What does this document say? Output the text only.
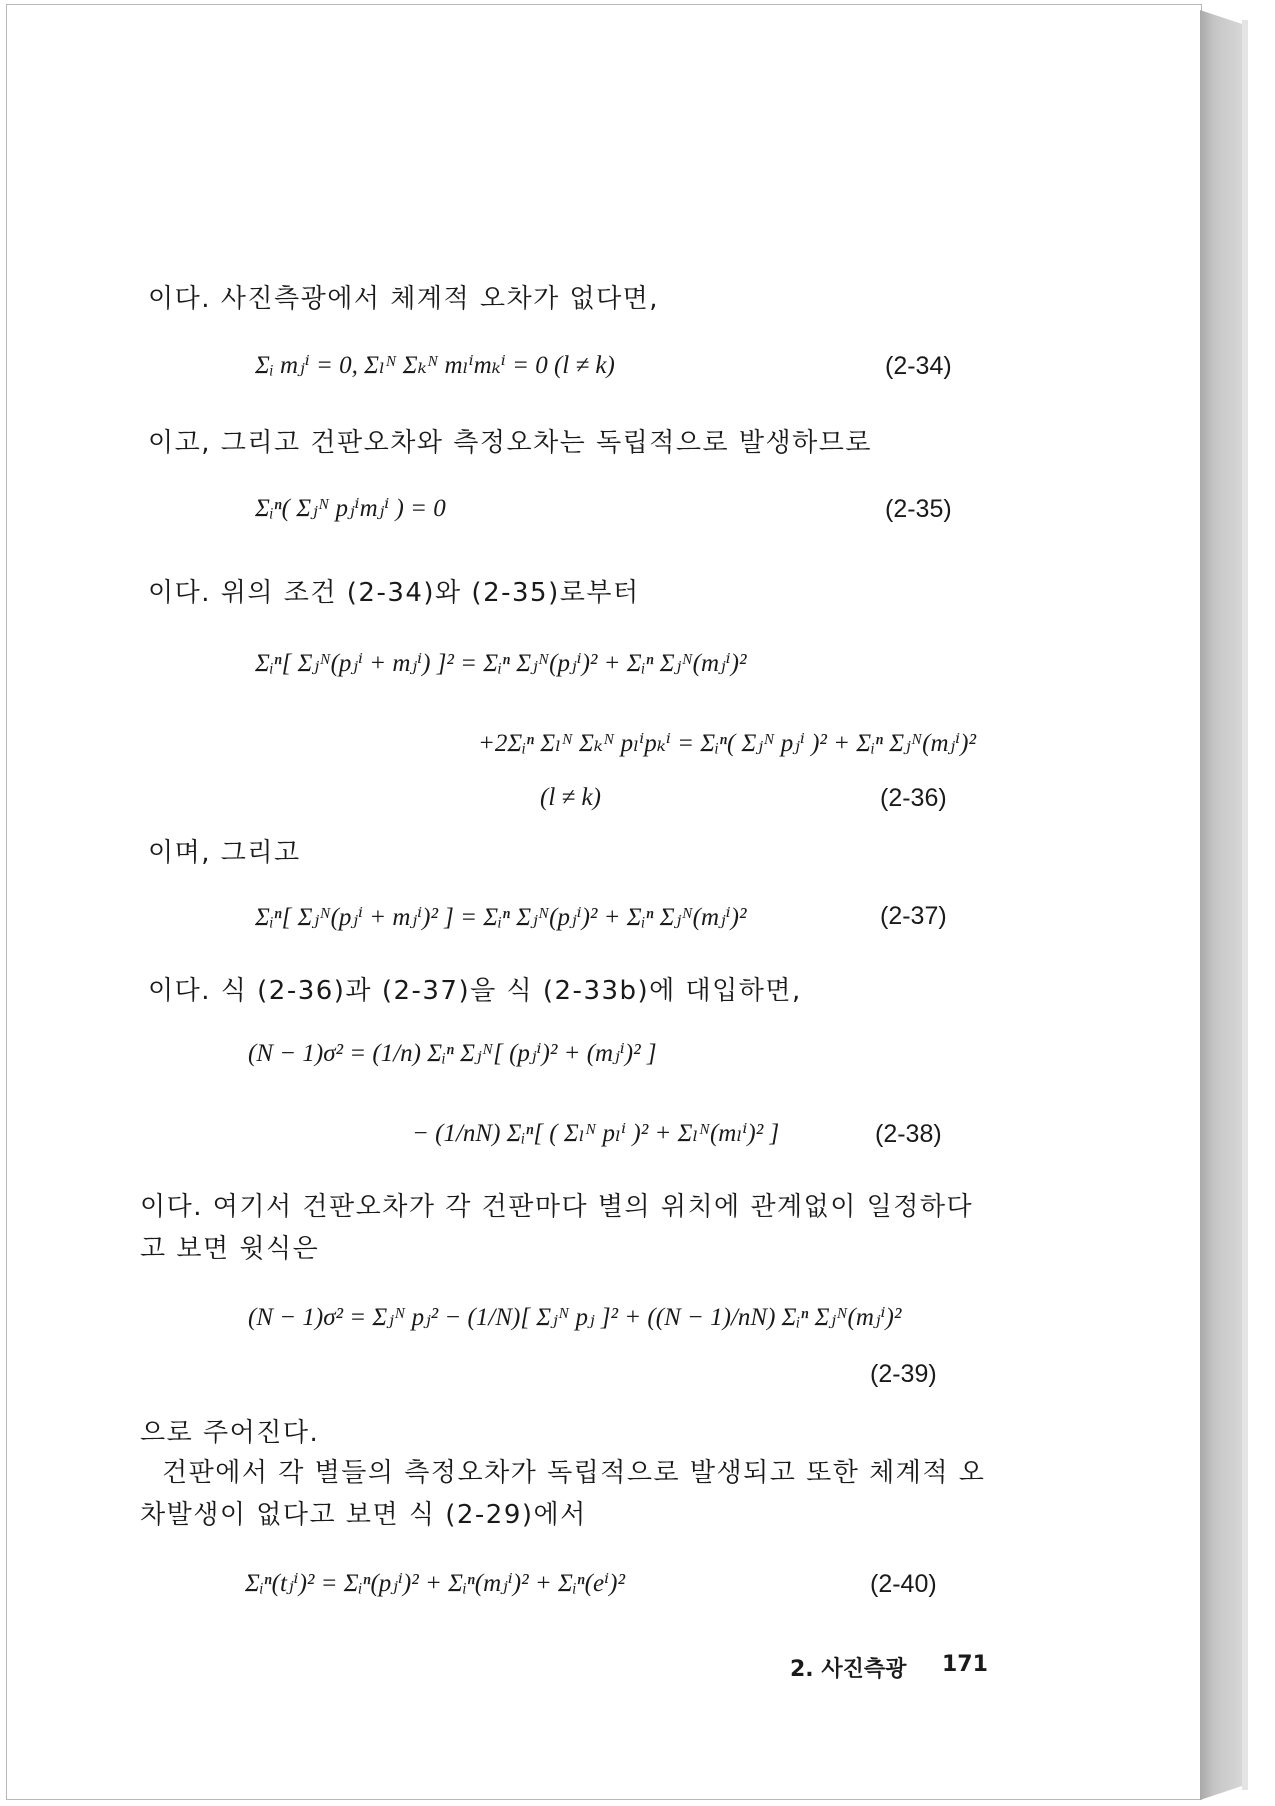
이다. 사진측광에서 체계적 오차가 없다면,
Σᵢ mⱼⁱ = 0, Σₗᴺ Σₖᴺ mₗⁱmₖⁱ = 0 (l ≠ k)	(2-34)
이고, 그리고 건판오차와 측정오차는 독립적으로 발생하므로
Σᵢⁿ( Σⱼᴺ pⱼⁱmⱼⁱ ) = 0	(2-35)
이다. 위의 조건 (2-34)와 (2-35)로부터
Σᵢⁿ[ Σⱼᴺ(pⱼⁱ + mⱼⁱ) ]² = Σᵢⁿ Σⱼᴺ(pⱼⁱ)² + Σᵢⁿ Σⱼᴺ(mⱼⁱ)²
+2Σᵢⁿ Σₗᴺ Σₖᴺ pₗⁱpₖⁱ = Σᵢⁿ( Σⱼᴺ pⱼⁱ )² + Σᵢⁿ Σⱼᴺ(mⱼⁱ)²
(l ≠ k)	(2-36)
이며, 그리고
Σᵢⁿ[ Σⱼᴺ(pⱼⁱ + mⱼⁱ)² ] = Σᵢⁿ Σⱼᴺ(pⱼⁱ)² + Σᵢⁿ Σⱼᴺ(mⱼⁱ)²	(2-37)
이다. 식 (2-36)과 (2-37)을 식 (2-33b)에 대입하면,
(N − 1)σ² = (1/n) Σᵢⁿ Σⱼᴺ[ (pⱼⁱ)² + (mⱼⁱ)² ]
− (1/nN) Σᵢⁿ[ ( Σₗᴺ pₗⁱ )² + Σₗᴺ(mₗⁱ)² ]	(2-38)
이다. 여기서 건판오차가 각 건판마다 별의 위치에 관계없이 일정하다
고 보면 윗식은
(N − 1)σ² = Σⱼᴺ pⱼ² − (1/N)[ Σⱼᴺ pⱼ ]² + ((N − 1)/nN) Σᵢⁿ Σⱼᴺ(mⱼⁱ)²
(2-39)
으로 주어진다.
건판에서 각 별들의 측정오차가 독립적으로 발생되고 또한 체계적 오
차발생이 없다고 보면 식 (2-29)에서
Σᵢⁿ(tⱼⁱ)² = Σᵢⁿ(pⱼⁱ)² + Σᵢⁿ(mⱼⁱ)² + Σᵢⁿ(eⁱ)²	(2-40)
2. 사진측광 171
